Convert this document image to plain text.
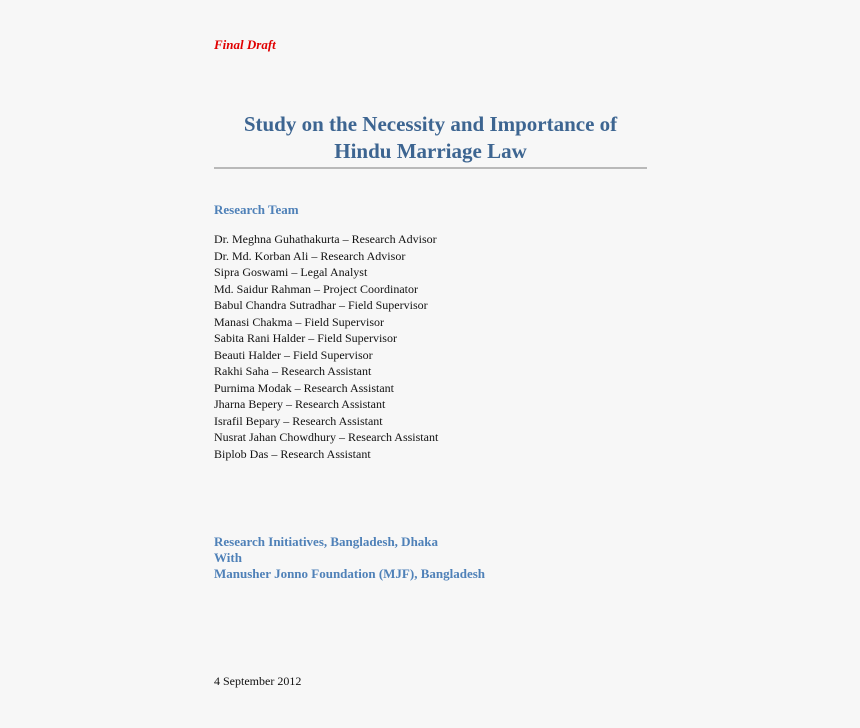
Final Draft
Study on the Necessity and Importance of
Hindu Marriage Law
Research Team
Dr. Meghna Guhathakurta – Research Advisor
Dr. Md. Korban Ali – Research Advisor
Sipra Goswami – Legal Analyst
Md. Saidur Rahman – Project Coordinator
Babul Chandra Sutradhar – Field Supervisor
Manasi Chakma – Field Supervisor
Sabita Rani Halder – Field Supervisor
Beauti Halder – Field Supervisor
Rakhi Saha – Research Assistant
Purnima Modak – Research Assistant
Jharna Bepery – Research Assistant
Israfil Bepary – Research Assistant
Nusrat Jahan Chowdhury – Research Assistant
Biplob Das – Research Assistant
Research Initiatives, Bangladesh, Dhaka
With
Manusher Jonno Foundation (MJF), Bangladesh
4 September 2012
